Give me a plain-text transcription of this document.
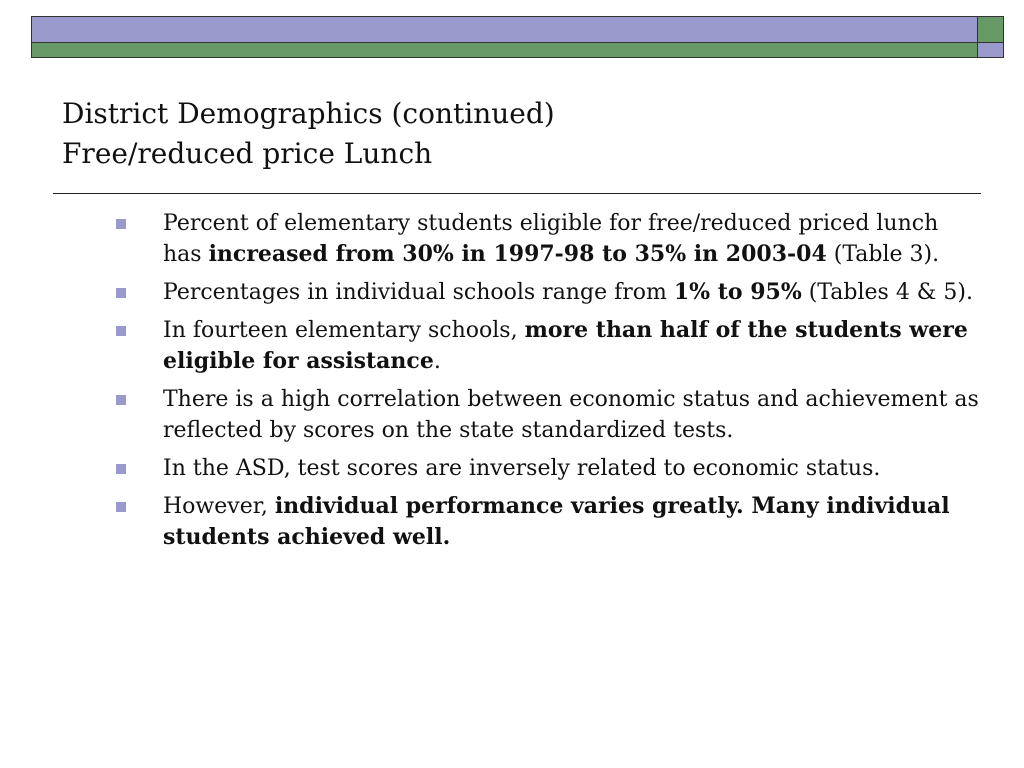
District Demographics (continued)
Free/reduced price Lunch
Percent of elementary students eligible for free/reduced priced lunch has increased from 30% in 1997-98 to 35% in 2003-04 (Table 3).
Percentages in individual schools range from 1% to 95% (Tables 4 & 5).
In fourteen elementary schools, more than half of the students were eligible for assistance.
There is a high correlation between economic status and achievement as reflected by scores on the state standardized tests.
In the ASD, test scores are inversely related to economic status.
However, individual performance varies greatly. Many individual students achieved well.
